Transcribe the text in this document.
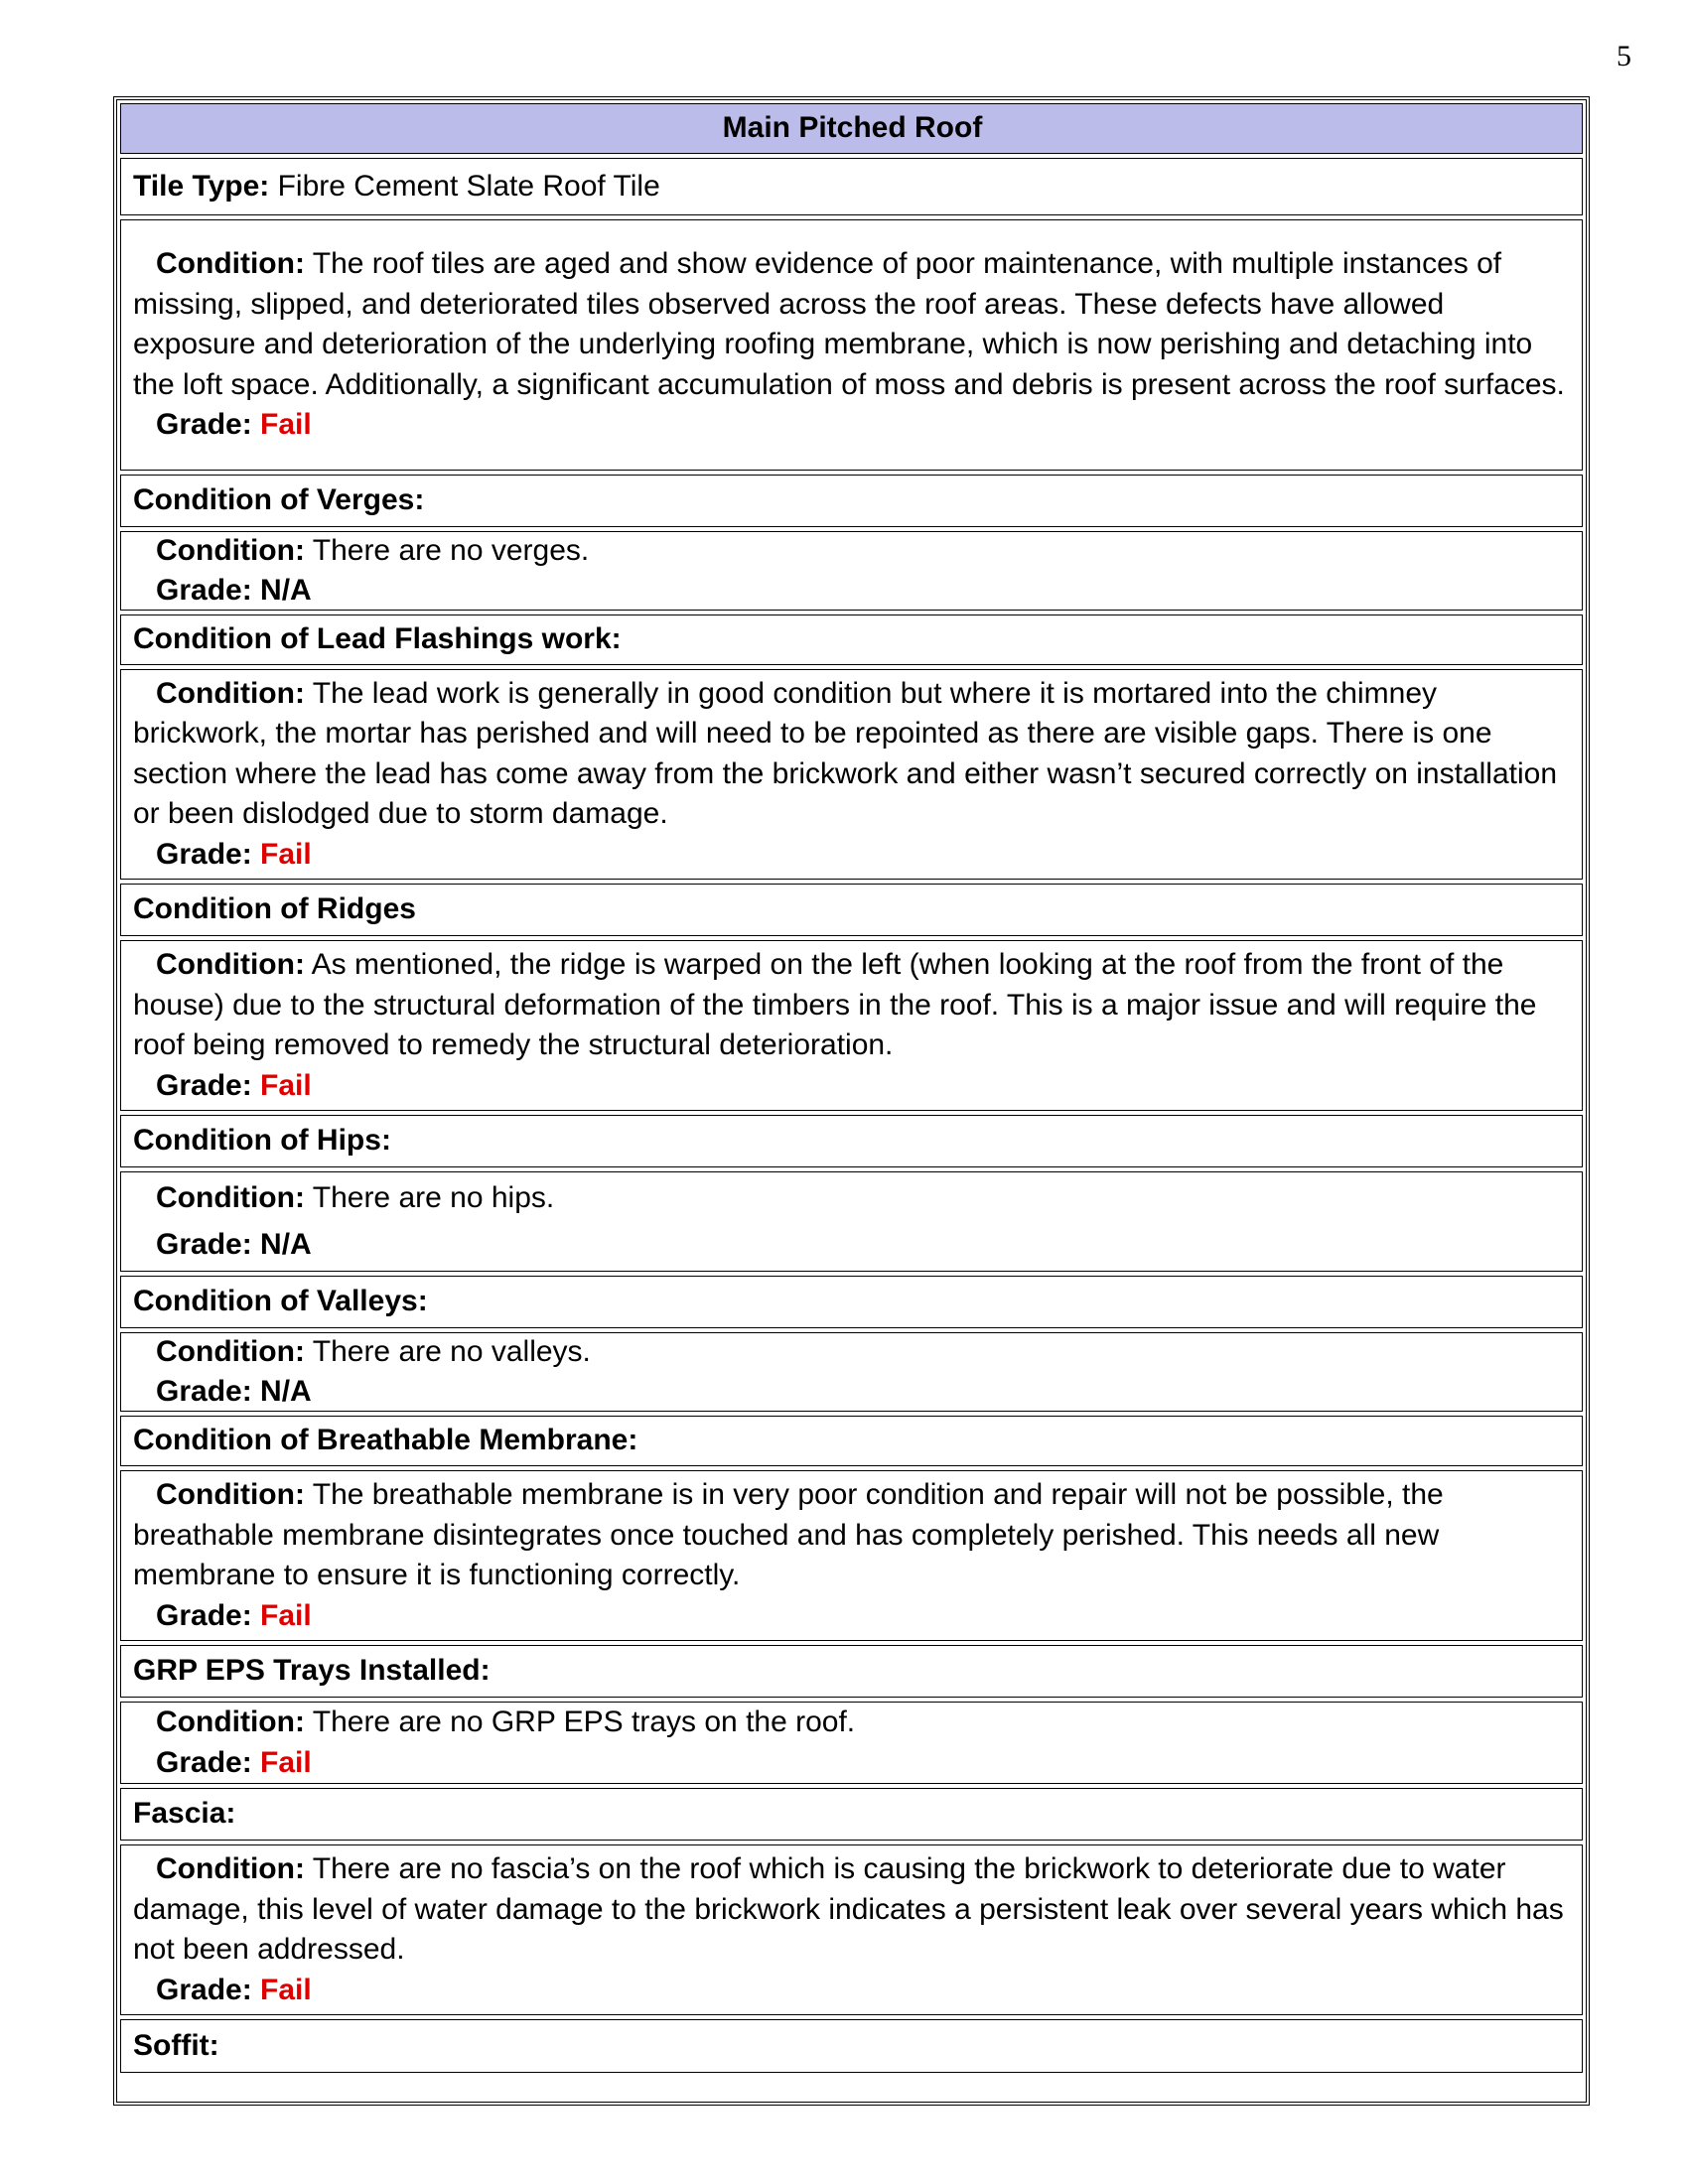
5
Main Pitched Roof

Tile Type: Fibre Cement Slate Roof Tile

Condition: The roof tiles are aged and show evidence of poor maintenance, with multiple instances of missing, slipped, and deteriorated tiles observed across the roof areas. These defects have allowed exposure and deterioration of the underlying roofing membrane, which is now perishing and detaching into the loft space. Additionally, a significant accumulation of moss and debris is present across the roof surfaces.

Grade: Fail

Condition of Verges:

Condition: There are no verges.

Grade: N/A

Condition of Lead Flashings work:

Condition: The lead work is generally in good condition but where it is mortared into the chimney brickwork, the mortar has perished and will need to be repointed as there are visible gaps. There is one section where the lead has come away from the brickwork and either wasn’t secured correctly on installation or been dislodged due to storm damage.

Grade: Fail

Condition of Ridges

Condition: As mentioned, the ridge is warped on the left (when looking at the roof from the front of the house) due to the structural deformation of the timbers in the roof. This is a major issue and will require the roof being removed to remedy the structural deterioration.

Grade: Fail

Condition of Hips:

Condition: There are no hips.

Grade: N/A

Condition of Valleys:

Condition: There are no valleys.

Grade: N/A

Condition of Breathable Membrane:

Condition: The breathable membrane is in very poor condition and repair will not be possible, the breathable membrane disintegrates once touched and has completely perished. This needs all new membrane to ensure it is functioning correctly.

Grade: Fail

GRP EPS Trays Installed:

Condition: There are no GRP EPS trays on the roof.

Grade: Fail

Fascia:

Condition: There are no fascia’s on the roof which is causing the brickwork to deteriorate due to water damage, this level of water damage to the brickwork indicates a persistent leak over several years which has not been addressed.

Grade: Fail

Soffit:
